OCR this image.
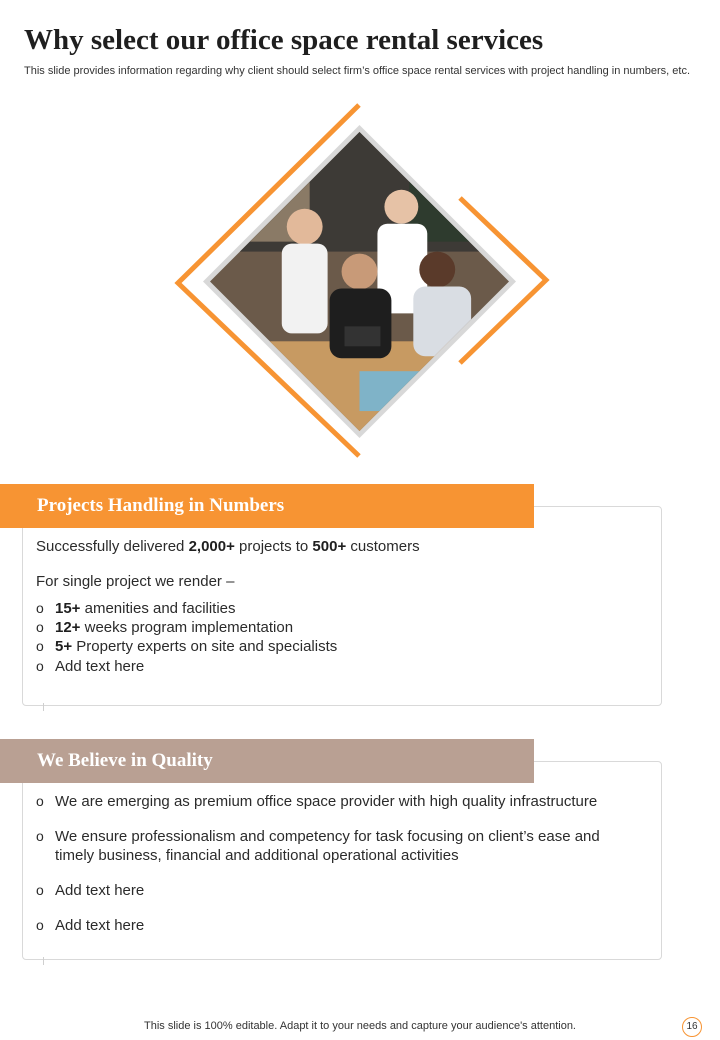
Why select our office space rental services
This slide provides information regarding why client should select firm’s office space rental services with project handling in numbers, etc.
Projects Handling in Numbers
Successfully delivered 2,000+ projects to 500+ customers
For single project we render –
o 15+ amenities and facilities
o 12+ weeks program implementation
o 5+ Property experts on site and specialists
o Add text here
We Believe in Quality
o We are emerging as premium office space provider with high quality infrastructure
o We ensure professionalism and competency for task focusing on client’s ease and timely business, financial and additional operational activities
o Add text here
o Add text here
This slide is 100% editable. Adapt it to your needs and capture your audience's attention.	16
